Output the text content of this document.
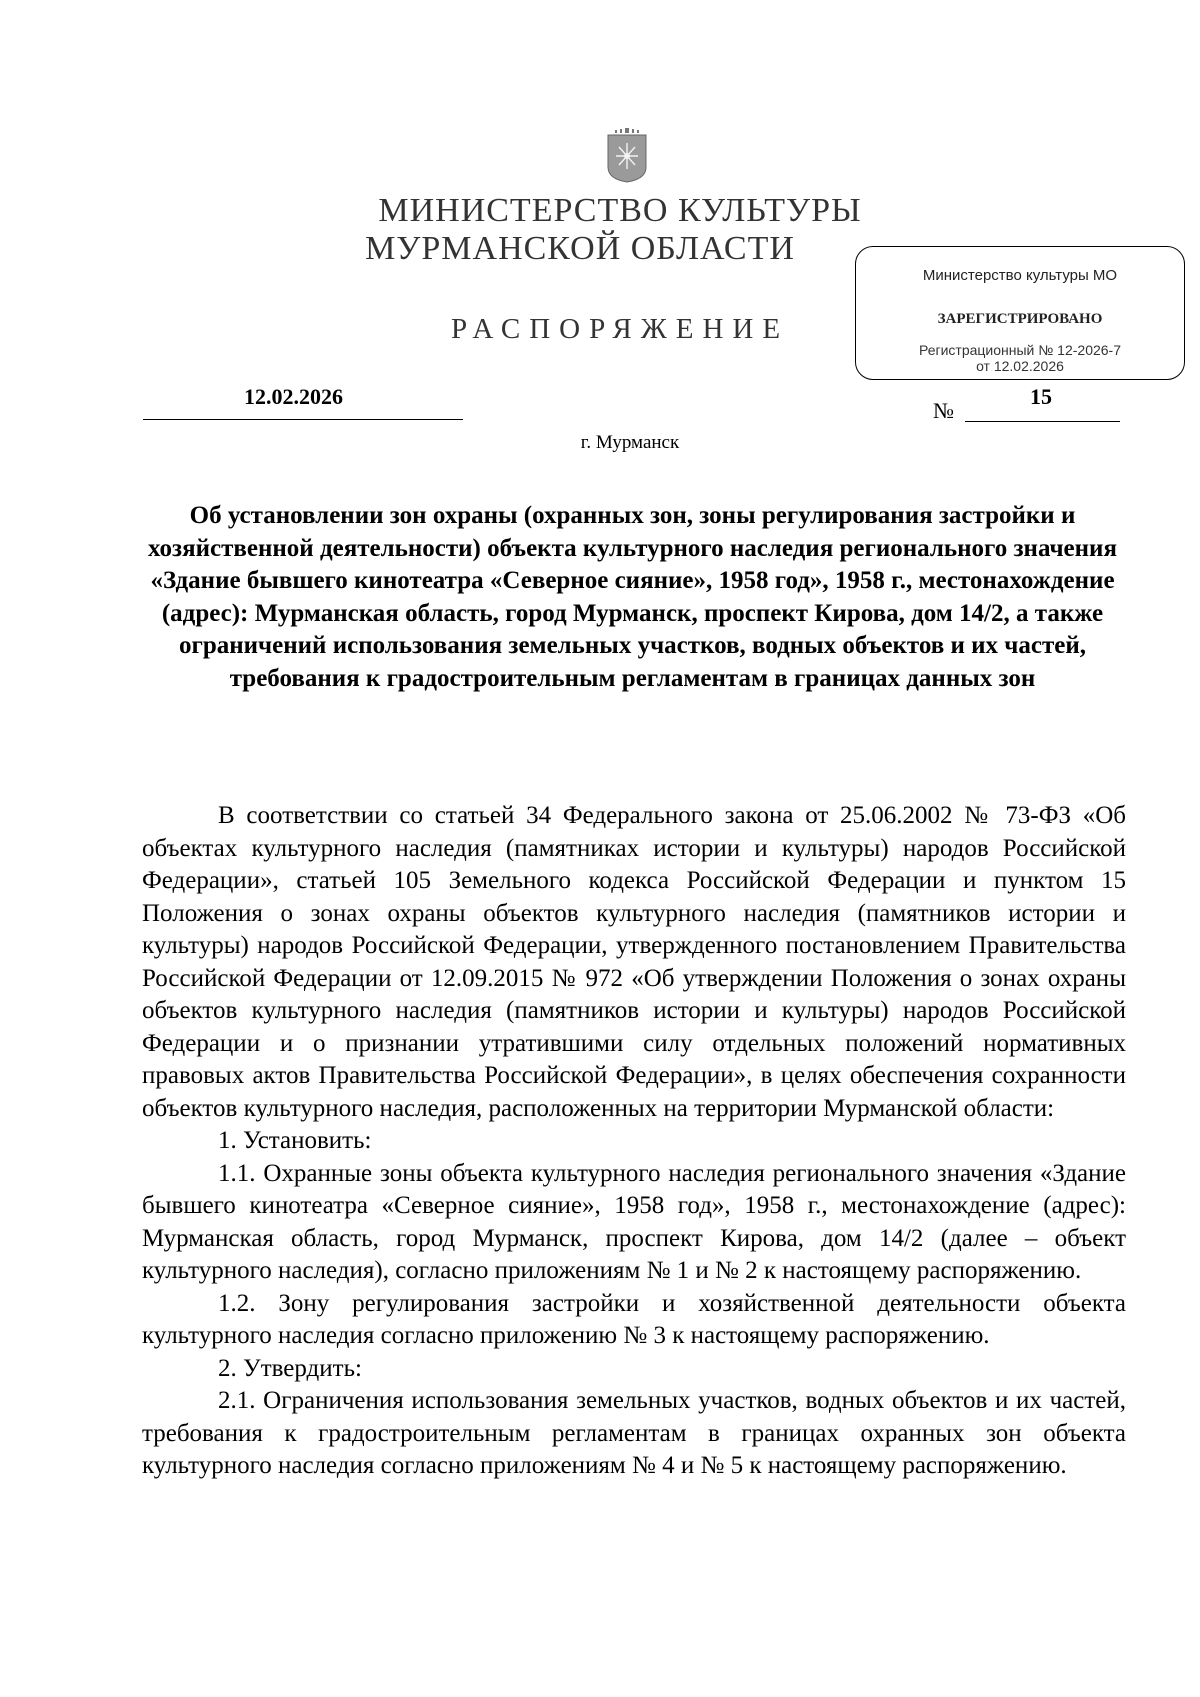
МИНИСТЕРСТВО КУЛЬТУРЫ
МУРМАНСКОЙ ОБЛАСТИ
РАСПОРЯЖЕНИЕ
Министерство культуры МО
ЗАРЕГИСТРИРОВАНО
Регистрационный № 12-2026-7
от 12.02.2026
12.02.2026
№
15
г. Мурманск
Об установлении зон охраны (охранных зон, зоны регулирования застройки и хозяйственной деятельности) объекта культурного наследия регионального значения «Здание бывшего кинотеатра «Северное сияние», 1958 год», 1958 г., местонахождение (адрес): Мурманская область, город Мурманск, проспект Кирова, дом 14/2, а также ограничений использования земельных участков, водных объектов и их частей, требования к градостроительным регламентам в границах данных зон

В соответствии со статьей 34 Федерального закона от 25.06.2002 № 73-ФЗ «Об объектах культурного наследия (памятниках истории и культуры) народов Российской Федерации», статьей 105 Земельного кодекса Российской Федерации и пунктом 15 Положения о зонах охраны объектов культурного наследия (памятников истории и культуры) народов Российской Федерации, утвержденного постановлением Правительства Российской Федерации от 12.09.2015 № 972 «Об утверждении Положения о зонах охраны объектов культурного наследия (памятников истории и культуры) народов Российской Федерации и о признании утратившими силу отдельных положений нормативных правовых актов Правительства Российской Федерации», в целях обеспечения сохранности объектов культурного наследия, расположенных на территории Мурманской области:

1. Установить:

1.1. Охранные зоны объекта культурного наследия регионального значения «Здание бывшего кинотеатра «Северное сияние», 1958 год», 1958 г., местонахождение (адрес): Мурманская область, город Мурманск, проспект Кирова, дом 14/2 (далее – объект культурного наследия), согласно приложениям № 1 и № 2 к настоящему распоряжению.

1.2. Зону регулирования застройки и хозяйственной деятельности объекта культурного наследия согласно приложению № 3 к настоящему распоряжению.

2. Утвердить:

2.1. Ограничения использования земельных участков, водных объектов и их частей, требования к градостроительным регламентам в границах охранных зон объекта культурного наследия согласно приложениям № 4 и № 5 к настоящему распоряжению.
